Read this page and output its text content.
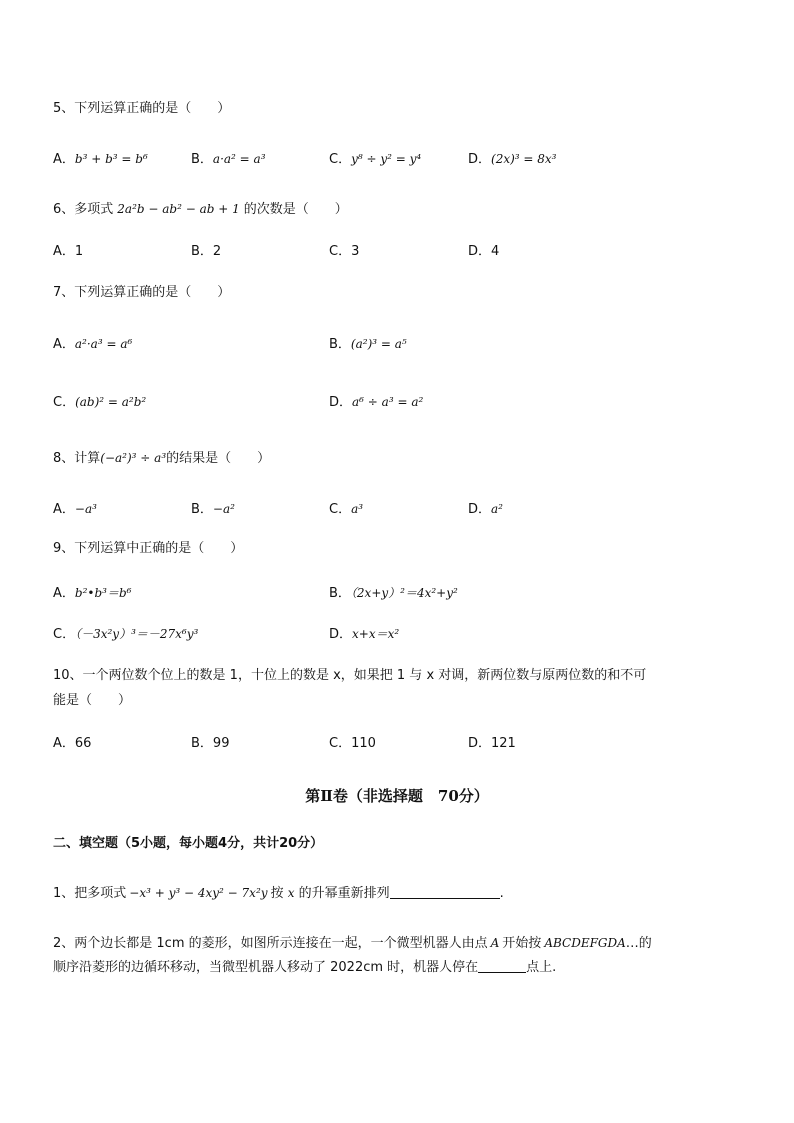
5、下列运算正确的是（　　）
A．b³ + b³ = b⁶	B．a·a² = a³	C．y⁸ ÷ y² = y⁴	D．(2x)³ = 8x³
6、多项式 2a²b − ab² − ab + 1 的次数是（　　）
A．1	B．2	C．3	D．4
7、下列运算正确的是（　　）
A．a²·a³ = a⁶	B．(a²)³ = a⁵
C．(ab)² = a²b²	D．a⁶ ÷ a³ = a²
8、计算(−a²)³ ÷ a³的结果是（　　）
A．−a³	B．−a²	C．a³	D．a²
9、下列运算中正确的是（　　）
A．b²•b³＝b⁶	B．（2x+y）²＝4x²+y²
C．（－3x²y）³＝－27x⁶y³	D．x+x＝x²
10、一个两位数个位上的数是 1，十位上的数是 x，如果把 1 与 x 对调，新两位数与原两位数的和不可
能是（　　）
A．66	B．99	C．110	D．121
第Ⅱ卷（非选择题　70分）
二、填空题（5小题，每小题4分，共计20分）
1、把多项式 −x³ + y³ − 4xy² − 7x²y 按 x 的升幂重新排列	.
2、两个边长都是 1cm 的菱形，如图所示连接在一起，一个微型机器人由点 A 开始按 ABCDEFGDA…的
顺序沿菱形的边循环移动，当微型机器人移动了 2022cm 时，机器人停在	点上.
